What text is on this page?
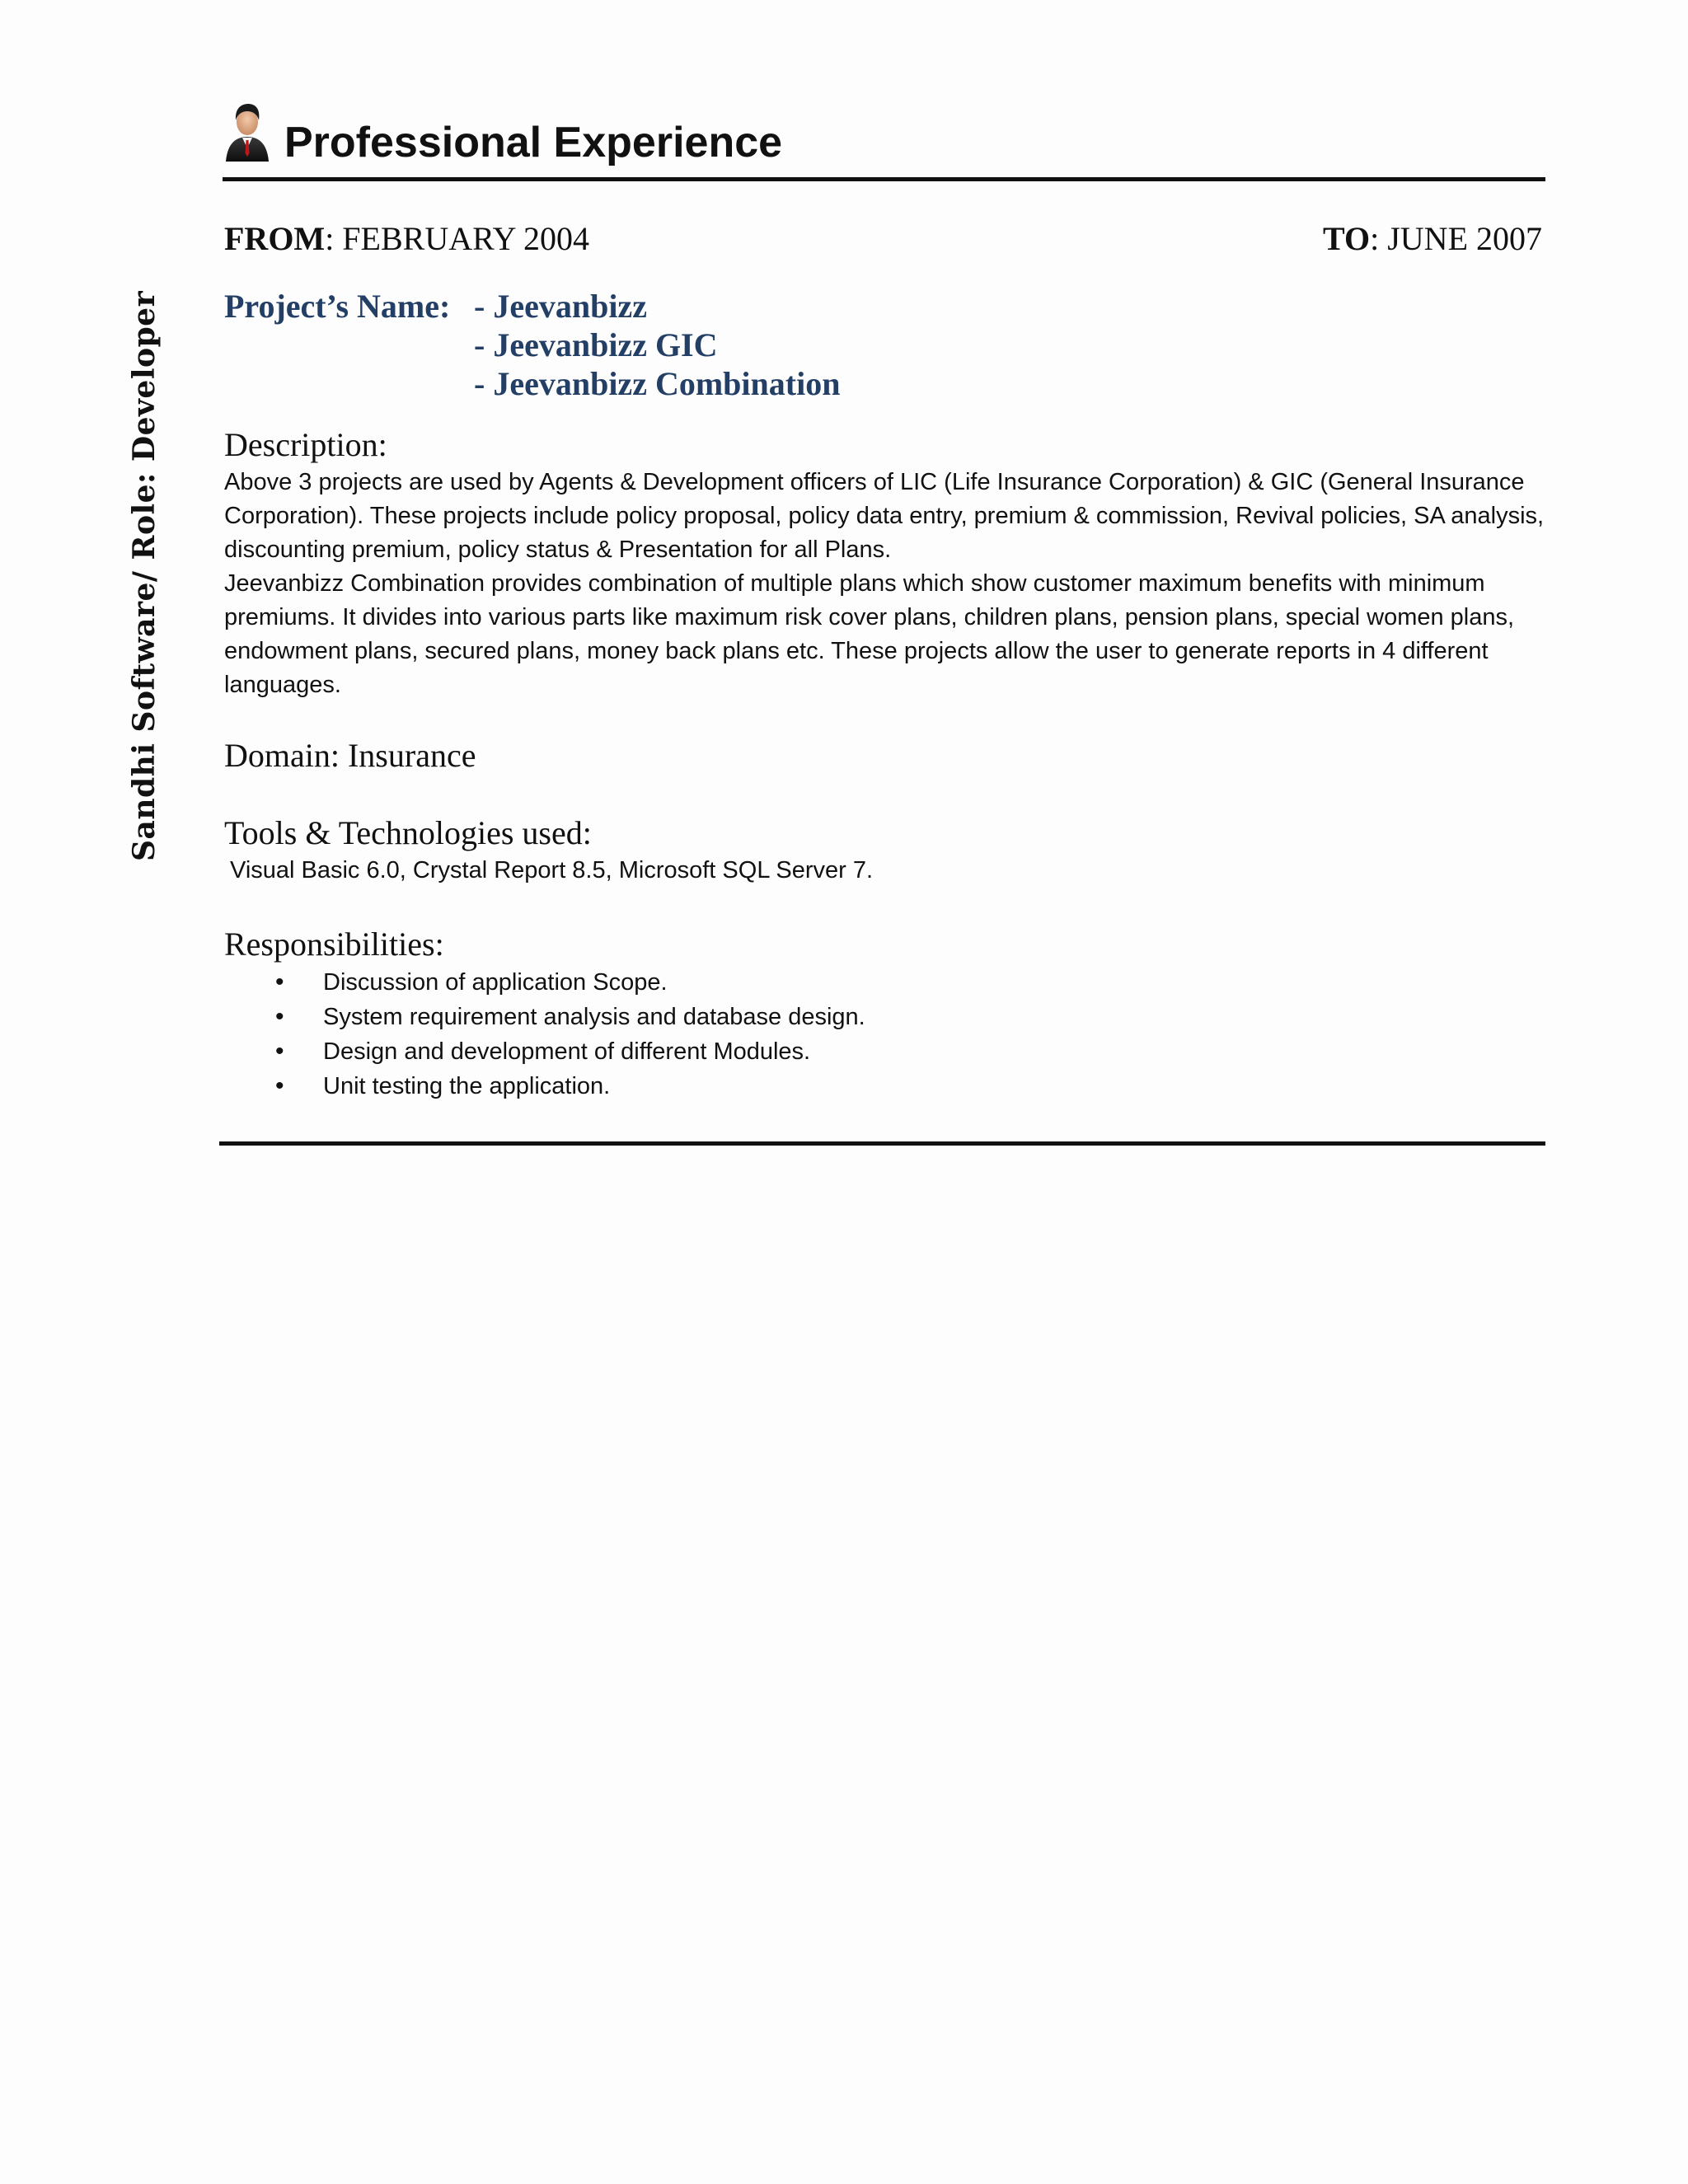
Sandhi Software/ Role: Developer
Professional Experience
FROM: FEBRUARY 2004	TO: JUNE 2007
Project’s Name: - Jeevanbizz
- Jeevanbizz GIC
- Jeevanbizz Combination
Description:

Above 3 projects are used by Agents & Development officers of LIC (Life Insurance Corporation) & GIC (General Insurance Corporation). These projects include policy proposal, policy data entry, premium & commission, Revival policies, SA analysis, discounting premium, policy status & Presentation for all Plans.

Jeevanbizz Combination provides combination of multiple plans which show customer maximum benefits with minimum premiums. It divides into various parts like maximum risk cover plans, children plans, pension plans, special women plans, endowment plans, secured plans, money back plans etc. These projects allow the user to generate reports in 4 different languages.

Domain: Insurance
Tools & Technologies used:
Visual Basic 6.0, Crystal Report 8.5, Microsoft SQL Server 7.
Responsibilities:
• Discussion of application Scope.
• System requirement analysis and database design.
• Design and development of different Modules.
• Unit testing the application.
